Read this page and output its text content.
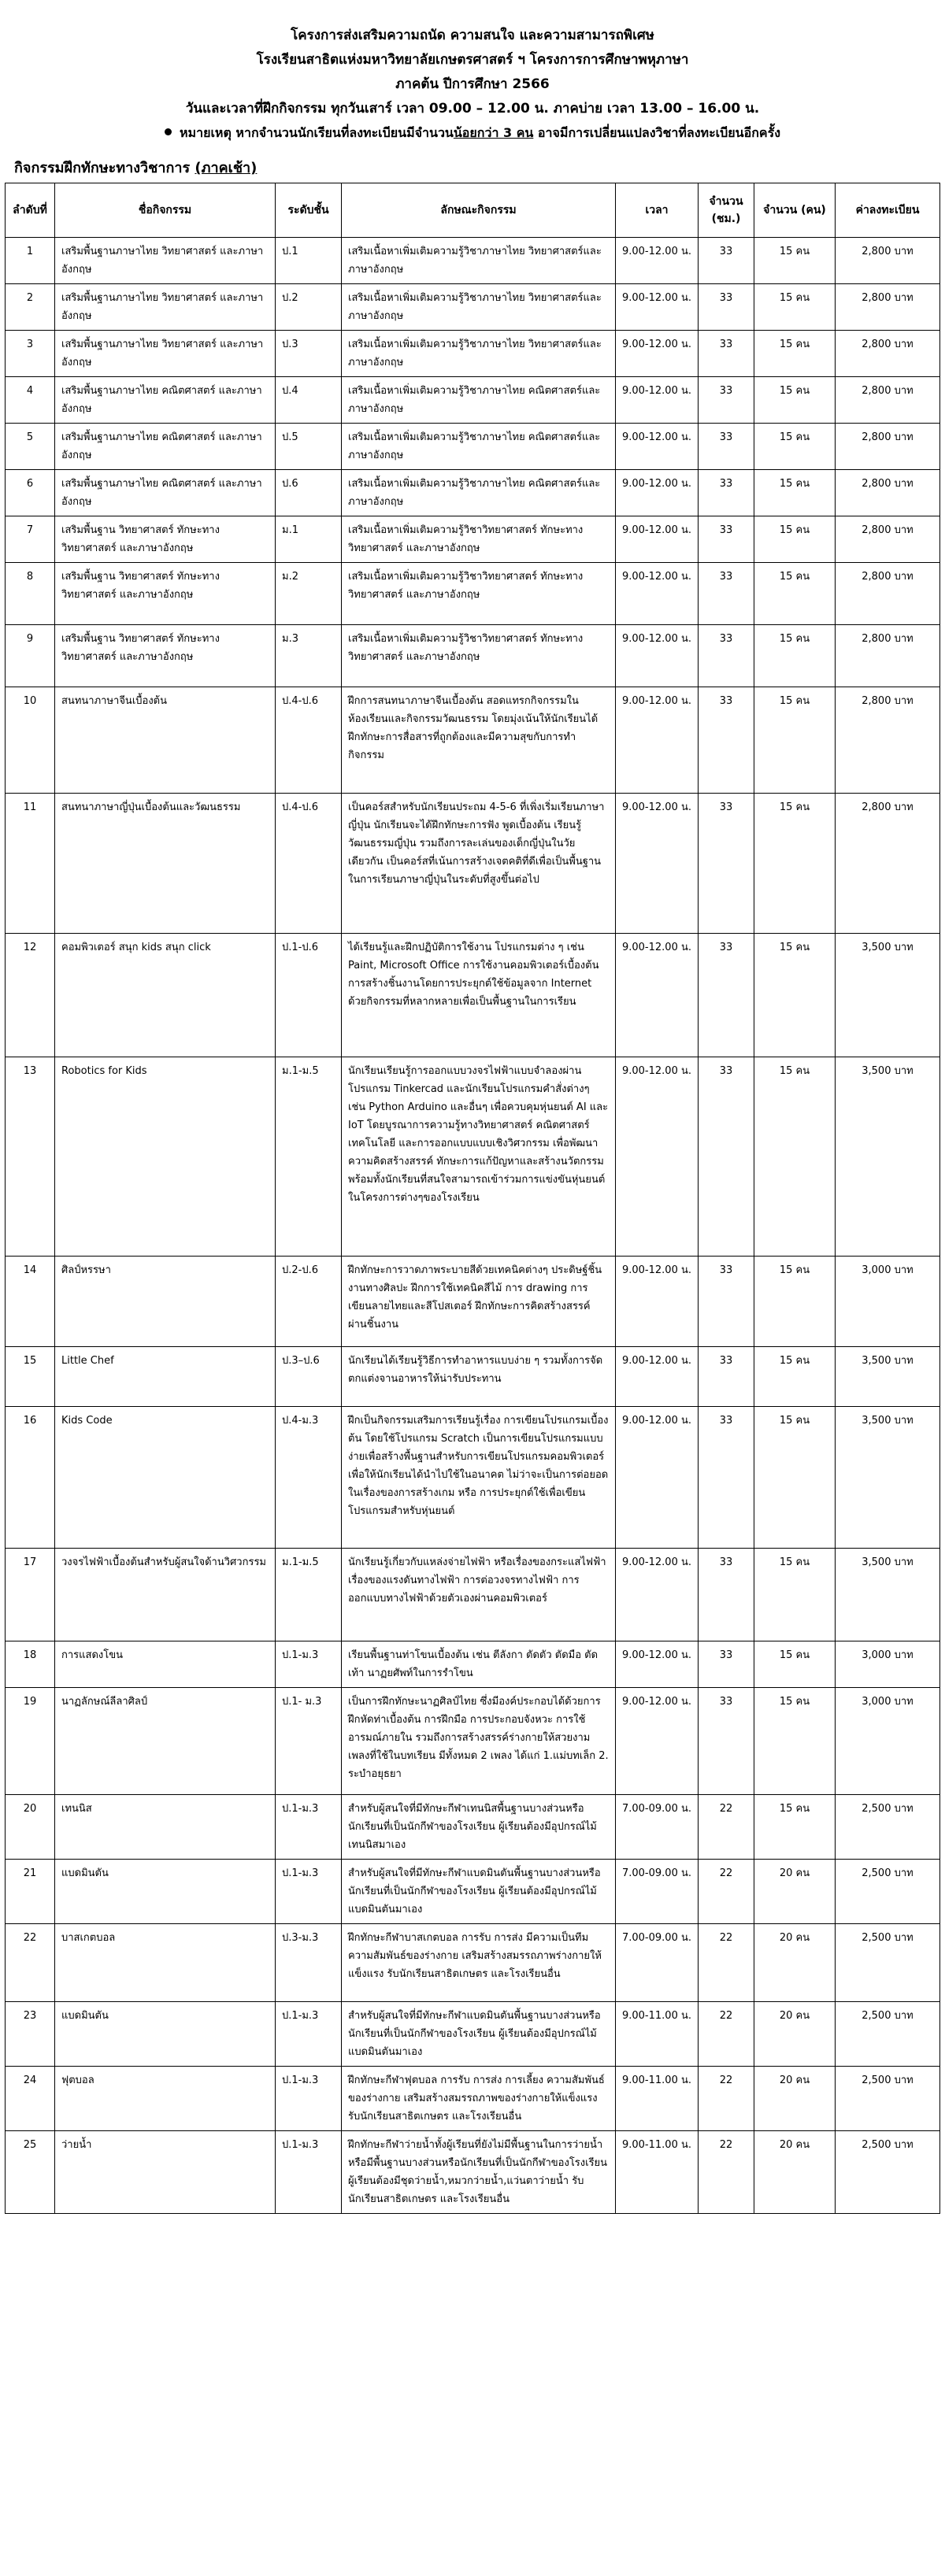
โครงการส่งเสริมความถนัด ความสนใจ และความสามารถพิเศษ
โรงเรียนสาธิตแห่งมหาวิทยาลัยเกษตรศาสตร์ ฯ โครงการการศึกษาพหุภาษา
ภาคต้น ปีการศึกษา 2566
วันและเวลาที่ฝึกกิจกรรม ทุกวันเสาร์ เวลา 09.00 – 12.00 น. ภาคบ่าย เวลา 13.00 – 16.00 น.
หมายเหตุ หากจำนวนนักเรียนที่ลงทะเบียนมีจำนวนน้อยกว่า 3 คน อาจมีการเปลี่ยนแปลงวิชาที่ลงทะเบียนอีกครั้ง
กิจกรรมฝึกทักษะทางวิชาการ (ภาคเช้า)
ลำดับที่	ชื่อกิจกรรม	ระดับชั้น	ลักษณะกิจกรรม	เวลา	จำนวน (ชม.)	จำนวน (คน)	ค่าลงทะเบียน
1	เสริมพื้นฐานภาษาไทย วิทยาศาสตร์ และภาษาอังกฤษ	ป.1	เสริมเนื้อหาเพิ่มเติมความรู้วิชาภาษาไทย วิทยาศาสตร์และภาษาอังกฤษ	9.00-12.00 น.	33	15 คน	2,800 บาท
2	เสริมพื้นฐานภาษาไทย วิทยาศาสตร์ และภาษาอังกฤษ	ป.2	เสริมเนื้อหาเพิ่มเติมความรู้วิชาภาษาไทย วิทยาศาสตร์และภาษาอังกฤษ	9.00-12.00 น.	33	15 คน	2,800 บาท
3	เสริมพื้นฐานภาษาไทย วิทยาศาสตร์ และภาษาอังกฤษ	ป.3	เสริมเนื้อหาเพิ่มเติมความรู้วิชาภาษาไทย วิทยาศาสตร์และภาษาอังกฤษ	9.00-12.00 น.	33	15 คน	2,800 บาท
4	เสริมพื้นฐานภาษาไทย คณิตศาสตร์ และภาษาอังกฤษ	ป.4	เสริมเนื้อหาเพิ่มเติมความรู้วิชาภาษาไทย คณิตศาสตร์และภาษาอังกฤษ	9.00-12.00 น.	33	15 คน	2,800 บาท
5	เสริมพื้นฐานภาษาไทย คณิตศาสตร์ และภาษาอังกฤษ	ป.5	เสริมเนื้อหาเพิ่มเติมความรู้วิชาภาษาไทย คณิตศาสตร์และภาษาอังกฤษ	9.00-12.00 น.	33	15 คน	2,800 บาท
6	เสริมพื้นฐานภาษาไทย คณิตศาสตร์ และภาษาอังกฤษ	ป.6	เสริมเนื้อหาเพิ่มเติมความรู้วิชาภาษาไทย คณิตศาสตร์และภาษาอังกฤษ	9.00-12.00 น.	33	15 คน	2,800 บาท
7	เสริมพื้นฐาน วิทยาศาสตร์ ทักษะทางวิทยาศาสตร์ และภาษาอังกฤษ	ม.1	เสริมเนื้อหาเพิ่มเติมความรู้วิชาวิทยาศาสตร์ ทักษะทางวิทยาศาสตร์ และภาษาอังกฤษ	9.00-12.00 น.	33	15 คน	2,800 บาท
8	เสริมพื้นฐาน วิทยาศาสตร์ ทักษะทางวิทยาศาสตร์ และภาษาอังกฤษ	ม.2	เสริมเนื้อหาเพิ่มเติมความรู้วิชาวิทยาศาสตร์ ทักษะทางวิทยาศาสตร์ และภาษาอังกฤษ	9.00-12.00 น.	33	15 คน	2,800 บาท
9	เสริมพื้นฐาน วิทยาศาสตร์ ทักษะทางวิทยาศาสตร์ และภาษาอังกฤษ	ม.3	เสริมเนื้อหาเพิ่มเติมความรู้วิชาวิทยาศาสตร์ ทักษะทางวิทยาศาสตร์ และภาษาอังกฤษ	9.00-12.00 น.	33	15 คน	2,800 บาท
10	สนทนาภาษาจีนเบื้องต้น	ป.4-ป.6	ฝึกการสนทนาภาษาจีนเบื้องต้น สอดแทรกกิจกรรมในห้องเรียนและกิจกรรมวัฒนธรรม โดยมุ่งเน้นให้นักเรียนได้ฝึกทักษะการสื่อสารที่ถูกต้องและมีความสุขกับการทำกิจกรรม	9.00-12.00 น.	33	15 คน	2,800 บาท
11	สนทนาภาษาญี่ปุ่นเบื้องต้นและวัฒนธรรม	ป.4-ป.6	เป็นคอร์สสำหรับนักเรียนประถม 4-5-6 ที่เพิ่งเริ่มเรียนภาษาญี่ปุ่น นักเรียนจะได้ฝึกทักษะการฟัง พูดเบื้องต้น เรียนรู้วัฒนธรรมญี่ปุ่น รวมถึงการละเล่นของเด็กญี่ปุ่นในวัยเดียวกัน เป็นคอร์สที่เน้นการสร้างเจตคติที่ดีเพื่อเป็นพื้นฐานในการเรียนภาษาญี่ปุ่นในระดับที่สูงขึ้นต่อไป	9.00-12.00 น.	33	15 คน	2,800 บาท
12	คอมพิวเตอร์ สนุก kids สนุก click	ป.1-ป.6	ได้เรียนรู้และฝึกปฏิบัติการใช้งาน โปรแกรมต่าง ๆ เช่น Paint, Microsoft Office การใช้งานคอมพิวเตอร์เบื้องต้น การสร้างชิ้นงานโดยการประยุกต์ใช้ข้อมูลจาก Internet ด้วยกิจกรรมที่หลากหลายเพื่อเป็นพื้นฐานในการเรียน	9.00-12.00 น.	33	15 คน	3,500 บาท
13	Robotics for Kids	ม.1-ม.5	นักเรียนเรียนรู้การออกแบบวงจรไฟฟ้าแบบจำลองผ่านโปรแกรม Tinkercad และนักเรียนโปรแกรมคำสั่งต่างๆ เช่น Python Arduino และอื่นๆ เพื่อควบคุมหุ่นยนต์ AI และ IoT โดยบูรณาการความรู้ทางวิทยาศาสตร์ คณิตศาสตร์ เทคโนโลยี และการออกแบบแบบเชิงวิศวกรรม เพื่อพัฒนาความคิดสร้างสรรค์ ทักษะการแก้ปัญหาและสร้างนวัตกรรม พร้อมทั้งนักเรียนที่สนใจสามารถเข้าร่วมการแข่งขันหุ่นยนต์ในโครงการต่างๆของโรงเรียน	9.00-12.00 น.	33	15 คน	3,500 บาท
14	ศิลป์หรรษา	ป.2-ป.6	ฝึกทักษะการวาดภาพระบายสีด้วยเทคนิคต่างๆ ประดิษฐ์ชิ้นงานทางศิลปะ ฝึกการใช้เทคนิคสีไม้ การ drawing การเขียนลายไทยและสีโปสเตอร์ ฝึกทักษะการคิดสร้างสรรค์ผ่านชิ้นงาน	9.00-12.00 น.	33	15 คน	3,000 บาท
15	Little Chef	ป.3–ป.6	นักเรียนได้เรียนรู้วิธีการทำอาหารแบบง่าย ๆ รวมทั้งการจัดตกแต่งจานอาหารให้น่ารับประทาน	9.00-12.00 น.	33	15 คน	3,500 บาท
16	Kids Code	ป.4-ม.3	ฝึกเป็นกิจกรรมเสริมการเรียนรู้เรื่อง การเขียนโปรแกรมเบื้องต้น โดยใช้โปรแกรม Scratch เป็นการเขียนโปรแกรมแบบง่ายเพื่อสร้างพื้นฐานสำหรับการเขียนโปรแกรมคอมพิวเตอร์ เพื่อให้นักเรียนได้นำไปใช้ในอนาคต ไม่ว่าจะเป็นการต่อยอดในเรื่องของการสร้างเกม หรือ การประยุกต์ใช้เพื่อเขียนโปรแกรมสำหรับหุ่นยนต์	9.00-12.00 น.	33	15 คน	3,500 บาท
17	วงจรไฟฟ้าเบื้องต้นสำหรับผู้สนใจด้านวิศวกรรม	ม.1-ม.5	นักเรียนรู้เกี่ยวกับแหล่งจ่ายไฟฟ้า หรือเรื่องของกระแสไฟฟ้า เรื่องของแรงดันทางไฟฟ้า การต่อวงจรทางไฟฟ้า การออกแบบทางไฟฟ้าด้วยตัวเองผ่านคอมพิวเตอร์	9.00-12.00 น.	33	15 คน	3,500 บาท
18	การแสดงโขน	ป.1-ม.3	เรียนพื้นฐานท่าโขนเบื้องต้น เช่น ตีลังกา ตัดตัว ตัดมือ ตัดเท้า นาฏยศัพท์ในการรำโขน	9.00-12.00 น.	33	15 คน	3,000 บาท
19	นาฏลักษณ์ลีลาศิลป์	ป.1- ม.3	เป็นการฝึกทักษะนาฏศิลป์ไทย ซึ่งมีองค์ประกอบได้ด้วยการฝึกหัดท่าเบื้องต้น การฝึกมือ การประกอบจังหวะ การใช้อารมณ์ภายใน รวมถึงการสร้างสรรค์ร่างกายให้สวยงาม เพลงที่ใช้ในบทเรียน มีทั้งหมด 2 เพลง ได้แก่ 1.แม่บทเล็ก 2. ระบำอยุธยา	9.00-12.00 น.	33	15 คน	3,000 บาท
20	เทนนิส	ป.1-ม.3	สำหรับผู้สนใจที่มีทักษะกีฬาเทนนิสพื้นฐานบางส่วนหรือนักเรียนที่เป็นนักกีฬาของโรงเรียน ผู้เรียนต้องมีอุปกรณ์ไม้เทนนิสมาเอง	7.00-09.00 น.	22	15 คน	2,500 บาท
21	แบดมินตัน	ป.1-ม.3	สำหรับผู้สนใจที่มีทักษะกีฬาแบดมินตันพื้นฐานบางส่วนหรือนักเรียนที่เป็นนักกีฬาของโรงเรียน ผู้เรียนต้องมีอุปกรณ์ไม้แบดมินตันมาเอง	7.00-09.00 น.	22	20 คน	2,500 บาท
22	บาสเกตบอล	ป.3-ม.3	ฝึกทักษะกีฬาบาสเกตบอล การรับ การส่ง มีความเป็นทีม ความสัมพันธ์ของร่างกาย เสริมสร้างสมรรถภาพร่างกายให้แข็งแรง รับนักเรียนสาธิตเกษตร และโรงเรียนอื่น	7.00-09.00 น.	22	20 คน	2,500 บาท
23	แบดมินตัน	ป.1-ม.3	สำหรับผู้สนใจที่มีทักษะกีฬาแบดมินตันพื้นฐานบางส่วนหรือนักเรียนที่เป็นนักกีฬาของโรงเรียน ผู้เรียนต้องมีอุปกรณ์ไม้แบดมินตันมาเอง	9.00-11.00 น.	22	20 คน	2,500 บาท
24	ฟุตบอล	ป.1-ม.3	ฝึกทักษะกีฬาฟุตบอล การรับ การส่ง การเลี้ยง ความสัมพันธ์ของร่างกาย เสริมสร้างสมรรถภาพของร่างกายให้แข็งแรง รับนักเรียนสาธิตเกษตร และโรงเรียนอื่น	9.00-11.00 น.	22	20 คน	2,500 บาท
25	ว่ายน้ำ	ป.1-ม.3	ฝึกทักษะกีฬาว่ายน้ำทั้งผู้เรียนที่ยังไม่มีพื้นฐานในการว่ายน้ำ หรือมีพื้นฐานบางส่วนหรือนักเรียนที่เป็นนักกีฬาของโรงเรียน ผู้เรียนต้องมีชุดว่ายน้ำ,หมวกว่ายน้ำ,แว่นตาว่ายน้ำ รับนักเรียนสาธิตเกษตร และโรงเรียนอื่น	9.00-11.00 น.	22	20 คน	2,500 บาท
